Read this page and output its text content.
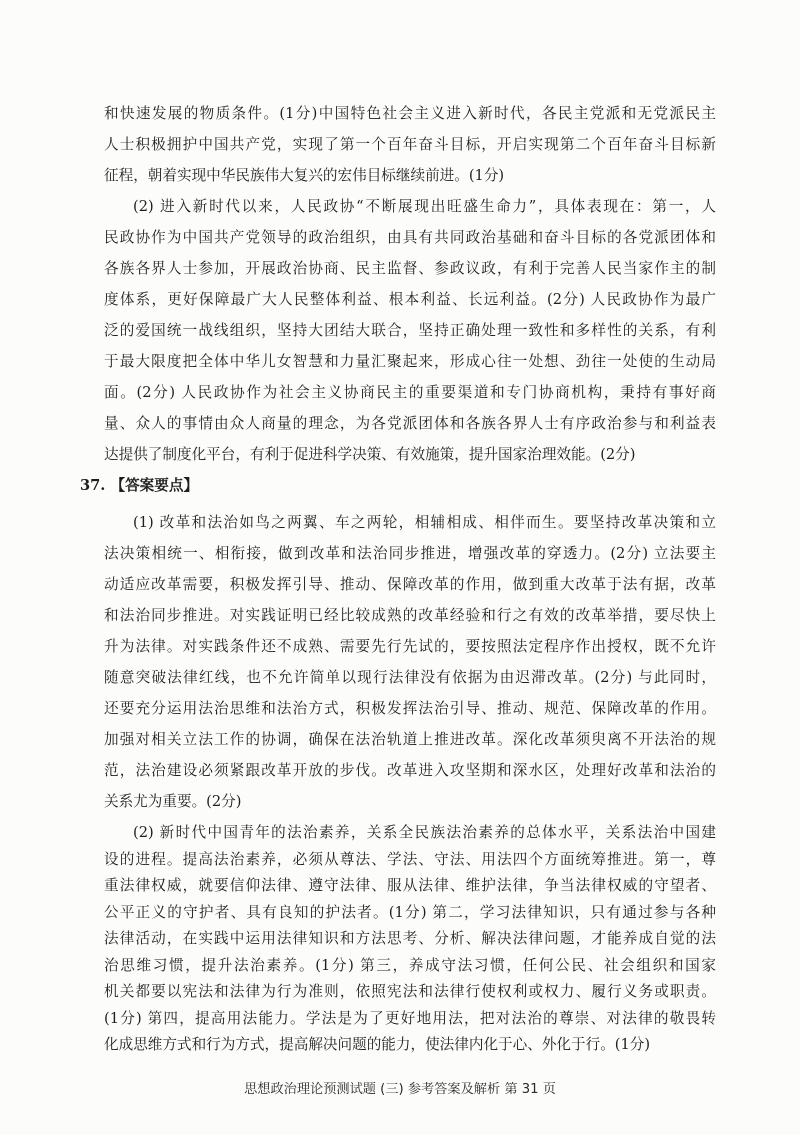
和快速发展的物质条件。(1分)中国特色社会主义进入新时代，各民主党派和无党派民主
人士积极拥护中国共产党，实现了第一个百年奋斗目标，开启实现第二个百年奋斗目标新
征程，朝着实现中华民族伟大复兴的宏伟目标继续前进。(1分)
(2) 进入新时代以来，人民政协“不断展现出旺盛生命力”，具体表现在：第一，人
民政协作为中国共产党领导的政治组织，由具有共同政治基础和奋斗目标的各党派团体和
各族各界人士参加，开展政治协商、民主监督、参政议政，有利于完善人民当家作主的制
度体系，更好保障最广大人民整体利益、根本利益、长远利益。(2分) 人民政协作为最广
泛的爱国统一战线组织，坚持大团结大联合，坚持正确处理一致性和多样性的关系，有利
于最大限度把全体中华儿女智慧和力量汇聚起来，形成心往一处想、劲往一处使的生动局
面。(2分) 人民政协作为社会主义协商民主的重要渠道和专门协商机构，秉持有事好商
量、众人的事情由众人商量的理念，为各党派团体和各族各界人士有序政治参与和利益表
达提供了制度化平台，有利于促进科学决策、有效施策，提升国家治理效能。(2分)
37. 【答案要点】
(1) 改革和法治如鸟之两翼、车之两轮，相辅相成、相伴而生。要坚持改革决策和立
法决策相统一、相衔接，做到改革和法治同步推进，增强改革的穿透力。(2分) 立法要主
动适应改革需要，积极发挥引导、推动、保障改革的作用，做到重大改革于法有据，改革
和法治同步推进。对实践证明已经比较成熟的改革经验和行之有效的改革举措，要尽快上
升为法律。对实践条件还不成熟、需要先行先试的，要按照法定程序作出授权，既不允许
随意突破法律红线，也不允许简单以现行法律没有依据为由迟滞改革。(2分) 与此同时，
还要充分运用法治思维和法治方式，积极发挥法治引导、推动、规范、保障改革的作用。
加强对相关立法工作的协调，确保在法治轨道上推进改革。深化改革须臾离不开法治的规
范，法治建设必须紧跟改革开放的步伐。改革进入攻坚期和深水区，处理好改革和法治的
关系尤为重要。(2分)
(2) 新时代中国青年的法治素养，关系全民族法治素养的总体水平，关系法治中国建
设的进程。提高法治素养，必须从尊法、学法、守法、用法四个方面统筹推进。第一，尊
重法律权威，就要信仰法律、遵守法律、服从法律、维护法律，争当法律权威的守望者、
公平正义的守护者、具有良知的护法者。(1分) 第二，学习法律知识，只有通过参与各种
法律活动，在实践中运用法律知识和方法思考、分析、解决法律问题，才能养成自觉的法
治思维习惯，提升法治素养。(1分) 第三，养成守法习惯，任何公民、社会组织和国家
机关都要以宪法和法律为行为准则，依照宪法和法律行使权利或权力、履行义务或职责。
(1分) 第四，提高用法能力。学法是为了更好地用法，把对法治的尊崇、对法律的敬畏转
化成思维方式和行为方式，提高解决问题的能力，使法律内化于心、外化于行。(1分)
思想政治理论预测试题 (三) 参考答案及解析 第 31 页
